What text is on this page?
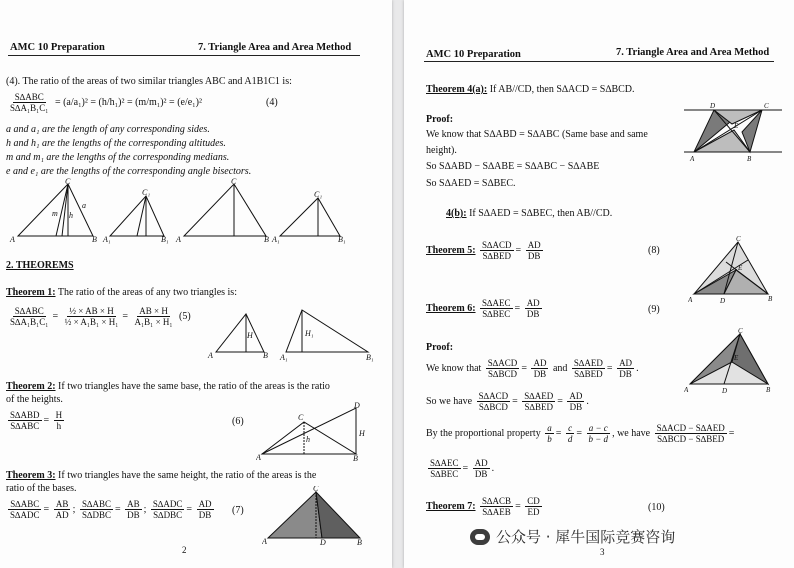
AMC 10 Preparation	7. Triangle Area and Area Method
(4). The ratio of the areas of two similar triangles ABC and A1B1C1 is:
$\frac{\text{S∆ABC}}{\text{S∆A₁B₁C₁}} = (a/a_1)^2 = (h/h_1)^2 = (m/m_1)^2 = (e/e_1)^2$	(4)
a and a₁ are the length of any corresponding sides.
h and h₁ are the lengths of the corresponding altitudes.
m and m₁ are the lengths of the corresponding medians.
e and e₁ are the lengths of the corresponding angle bisectors.
A	B
C
a
m h
A₁	B₁
C₁
A	B
C
A₁	B₁
C₁
2. THEOREMS
Theorem 1: The ratio of the areas of any two triangles is:
$\frac{\text{S∆ABC}}{\text{S∆A₁B₁C₁}} = \frac{\text{½ × AB × H}}{\text{½ × A₁B₁ × H₁}} = \frac{AB \times H}{\text{A₁B₁ × H₁}} (5)$
A	B
H
A₁	B₁
H₁
Theorem 2: If two triangles have the same base, the ratio of the areas is the ratio
of the heights.
$\frac{\text{S∆ABD}}{\text{S∆ABC}} = \frac{H}{h}$	(6)
A	B
C
D
h
H
Theorem 3: If two triangles have the same height, the ratio of the areas is the
ratio of the bases.
$\frac{\text{S∆ABC}}{\text{S∆ADC}} = \frac{AB}{AD}$ ; $\frac{\text{S∆ABC}}{\text{S∆DBC}} = \frac{AB}{DB}$ ; $\frac{\text{S∆ADC}}{\text{S∆DBC}} = \frac{AD}{DB} (7)$
A	D	B
C
2
AMC 10 Preparation	7. Triangle Area and Area Method
Theorem 4(a): If AB//CD, then S∆ACD = S∆BCD.
Proof:
We know that S∆ABD = S∆ABC (Same base and same
height).
So S∆ABD − S∆ABE = S∆ABC − S∆ABE
So S∆AED = S∆BEC.
A	B
C
D
E
4(b): If S∆AED = S∆BEC, then AB//CD.
Theorem 5: $\frac{\text{S∆ACD}}{\text{S∆BED}} = \frac{AD}{DB}$	(8)
A	D	B
C
E
Theorem 6: $\frac{\text{S∆AEC}}{\text{S∆BEC}} = \frac{AD}{DB}$	(9)
Proof:
We know that $\frac{\text{S∆ACD}}{\text{S∆BCD}} = \frac{AD}{DB}$ and $\frac{\text{S∆AED}}{\text{S∆BED}} = \frac{AD}{DB}$ .
So we have $\frac{\text{S∆ACD}}{\text{S∆BCD}} = \frac{\text{S∆AED}}{\text{S∆BED}} = \frac{AD}{DB}$ .
By the proportional property $\frac{a}{b} = \frac{c}{d} = \frac{a - c}{b - d}$ , we have $\frac{\text{S∆ACD − S∆AED}}{\text{S∆BCD − S∆BED}}$ =
$\frac{\text{S∆AEC}}{\text{S∆BEC}} = \frac{AD}{DB}$ .
A	D	B
C
E
Theorem 7: $\frac{\text{S∆ACB}}{\text{S∆AEB}} = \frac{CD}{ED}$	(10)
3
公众号 · 犀牛国际竞赛咨询
